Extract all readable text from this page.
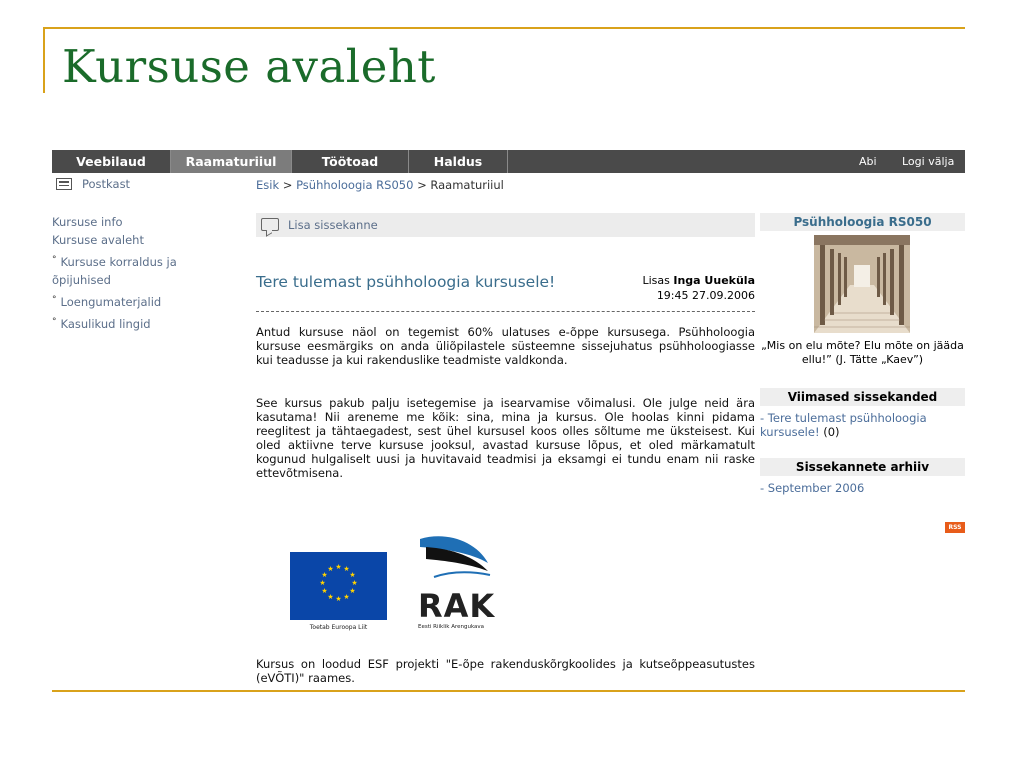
Kursuse avaleht
Veebilaud	Raamaturiiul	Töötoad	Haldus	Abi Logi välja
Postkast
Kursuse info
Kursuse avaleht
° Kursuse korraldus ja
õpijuhised
° Loengumaterjalid
° Kasulikud lingid
Esik > Psühholoogia RS050 > Raamaturiiul
Lisa sissekanne
Tere tulemast psühholoogia kursusele!	Lisas Inga Uueküla
19:45 27.09.2006
Antud kursuse näol on tegemist 60% ulatuses e-õppe kursusega. Psühholoogia kursuse eesmärgiks on anda üliõpilastele süsteemne sissejuhatus psühholoogiasse kui teadusse ja kui rakenduslike teadmiste valdkonda.
See kursus pakub palju isetegemise ja isearvamise võimalusi. Ole julge neid ära kasutama! Nii areneme me kõik: sina, mina ja kursus. Ole hoolas kinni pidama reeglitest ja tähtaegadest, sest ühel kursusel koos olles sõltume me üksteisest. Kui oled aktiivne terve kursuse jooksul, avastad kursuse lõpus, et oled märkamatult kogunud hulgaliselt uusi ja huvitavaid teadmisi ja eksamgi ei tundu enam nii raske ettevõtmisena.
★ ★
★
★
★
★
★
★
★
★
★
★
Toetab Euroopa Liit
RAK
Eesti Riiklik Arengukava
Kursus on loodud ESF projekti "E-õpe rakenduskõrgkoolides ja kutseõppeasutustes (eVÕTI)" raames.
Psühholoogia RS050
„Mis on elu mõte? Elu mõte on jääda ellu!” (J. Tätte „Kaev”)
Viimased sissekanded
- Tere tulemast psühholoogia kursusele! (0)
Sissekannete arhiiv
- September 2006
RSS
